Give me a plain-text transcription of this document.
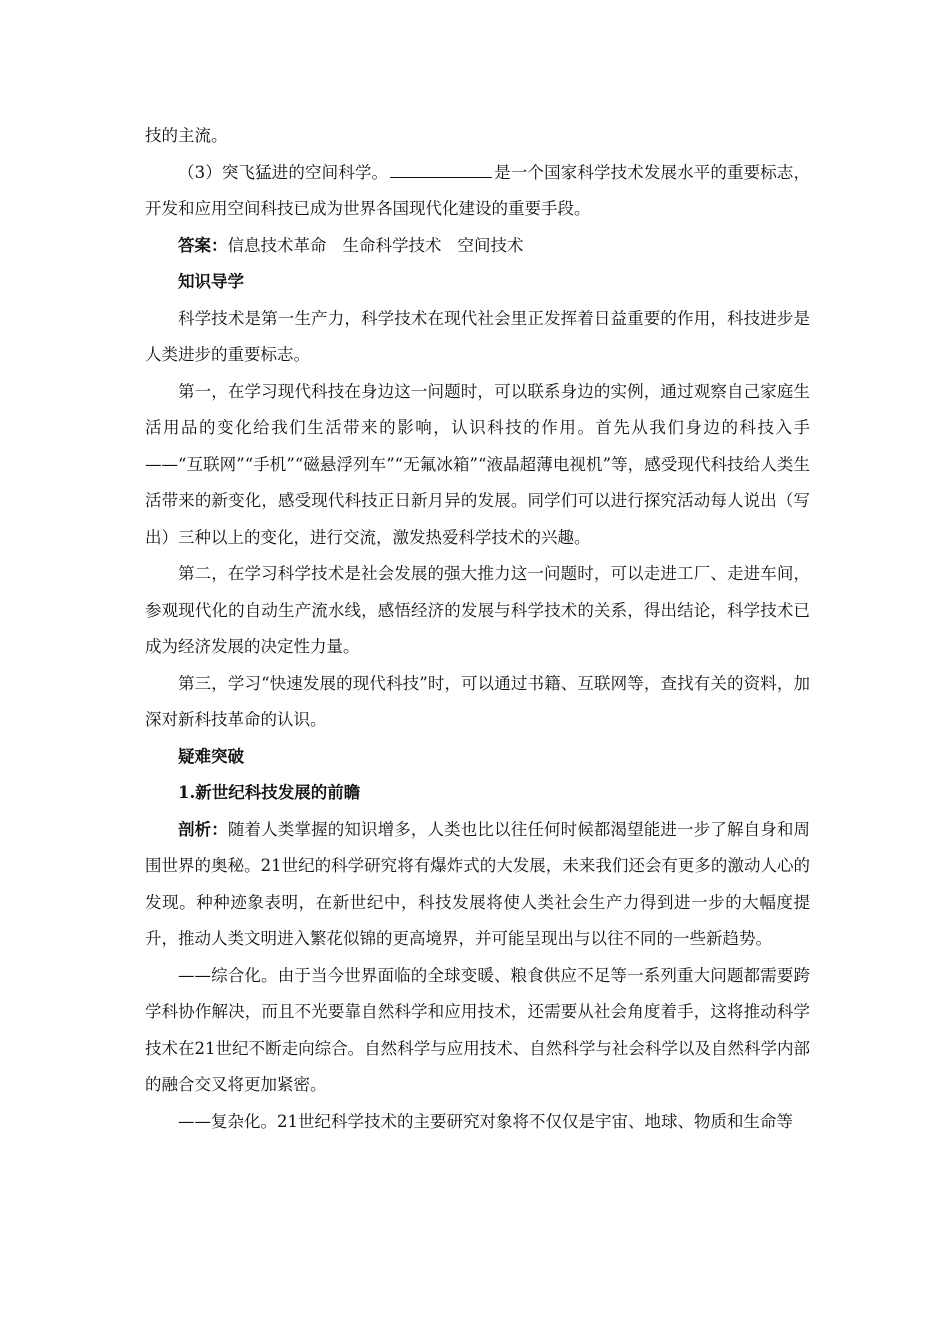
技的主流。

（3）突飞猛进的空间科学。	是一个国家科学技术发展水平的重要标志，开发和应用空间科技已成为世界各国现代化建设的重要手段。

答案：信息技术革命 生命科学技术 空间技术

知识导学

科学技术是第一生产力，科学技术在现代社会里正发挥着日益重要的作用，科技进步是人类进步的重要标志。

第一，在学习现代科技在身边这一问题时，可以联系身边的实例，通过观察自己家庭生活用品的变化给我们生活带来的影响，认识科技的作用。首先从我们身边的科技入手——“互联网”“手机”“磁悬浮列车”“无氟冰箱”“液晶超薄电视机”等，感受现代科技给人类生活带来的新变化，感受现代科技正日新月异的发展。同学们可以进行探究活动每人说出（写出）三种以上的变化，进行交流，激发热爱科学技术的兴趣。

第二，在学习科学技术是社会发展的强大推力这一问题时，可以走进工厂、走进车间，参观现代化的自动生产流水线，感悟经济的发展与科学技术的关系，得出结论，科学技术已成为经济发展的决定性力量。

第三，学习“快速发展的现代科技”时，可以通过书籍、互联网等，查找有关的资料，加深对新科技革命的认识。

疑难突破

1.新世纪科技发展的前瞻

剖析：随着人类掌握的知识增多，人类也比以往任何时候都渴望能进一步了解自身和周围世界的奥秘。21世纪的科学研究将有爆炸式的大发展，未来我们还会有更多的激动人心的发现。种种迹象表明，在新世纪中，科技发展将使人类社会生产力得到进一步的大幅度提升，推动人类文明进入繁花似锦的更高境界，并可能呈现出与以往不同的一些新趋势。

——综合化。由于当今世界面临的全球变暖、粮食供应不足等一系列重大问题都需要跨学科协作解决，而且不光要靠自然科学和应用技术，还需要从社会角度着手，这将推动科学技术在21世纪不断走向综合。自然科学与应用技术、自然科学与社会科学以及自然科学内部的融合交叉将更加紧密。

——复杂化。21世纪科学技术的主要研究对象将不仅仅是宇宙、地球、物质和生命等
